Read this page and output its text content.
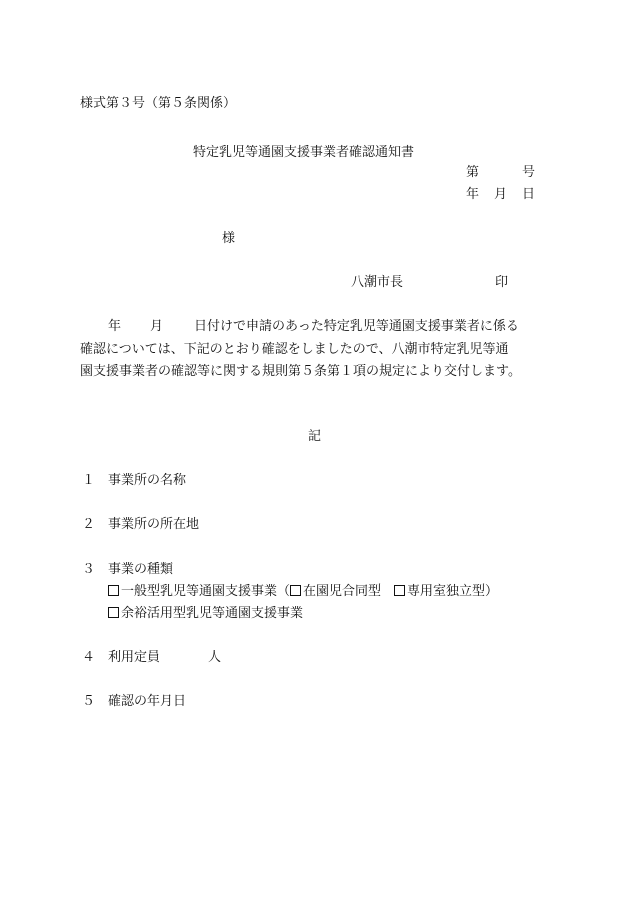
様式第３号（第５条関係）
特定乳児等通園支援事業者確認通知書
第	号
年 月 日
様
八潮市長	印
年 月 日付けで申請のあった特定乳児等通園支援事業者に係る
確認については、下記のとおり確認をしましたので、八潮市特定乳児等通
園支援事業者の確認等に関する規則第５条第１項の規定により交付します。
記
１ 事業所の名称
２ 事業所の所在地
３ 事業の種類
一般型乳児等通園支援事業（ 在園児合同型 専用室独立型）
余裕活用型乳児等通園支援事業
４ 利用定員	人
５ 確認の年月日
